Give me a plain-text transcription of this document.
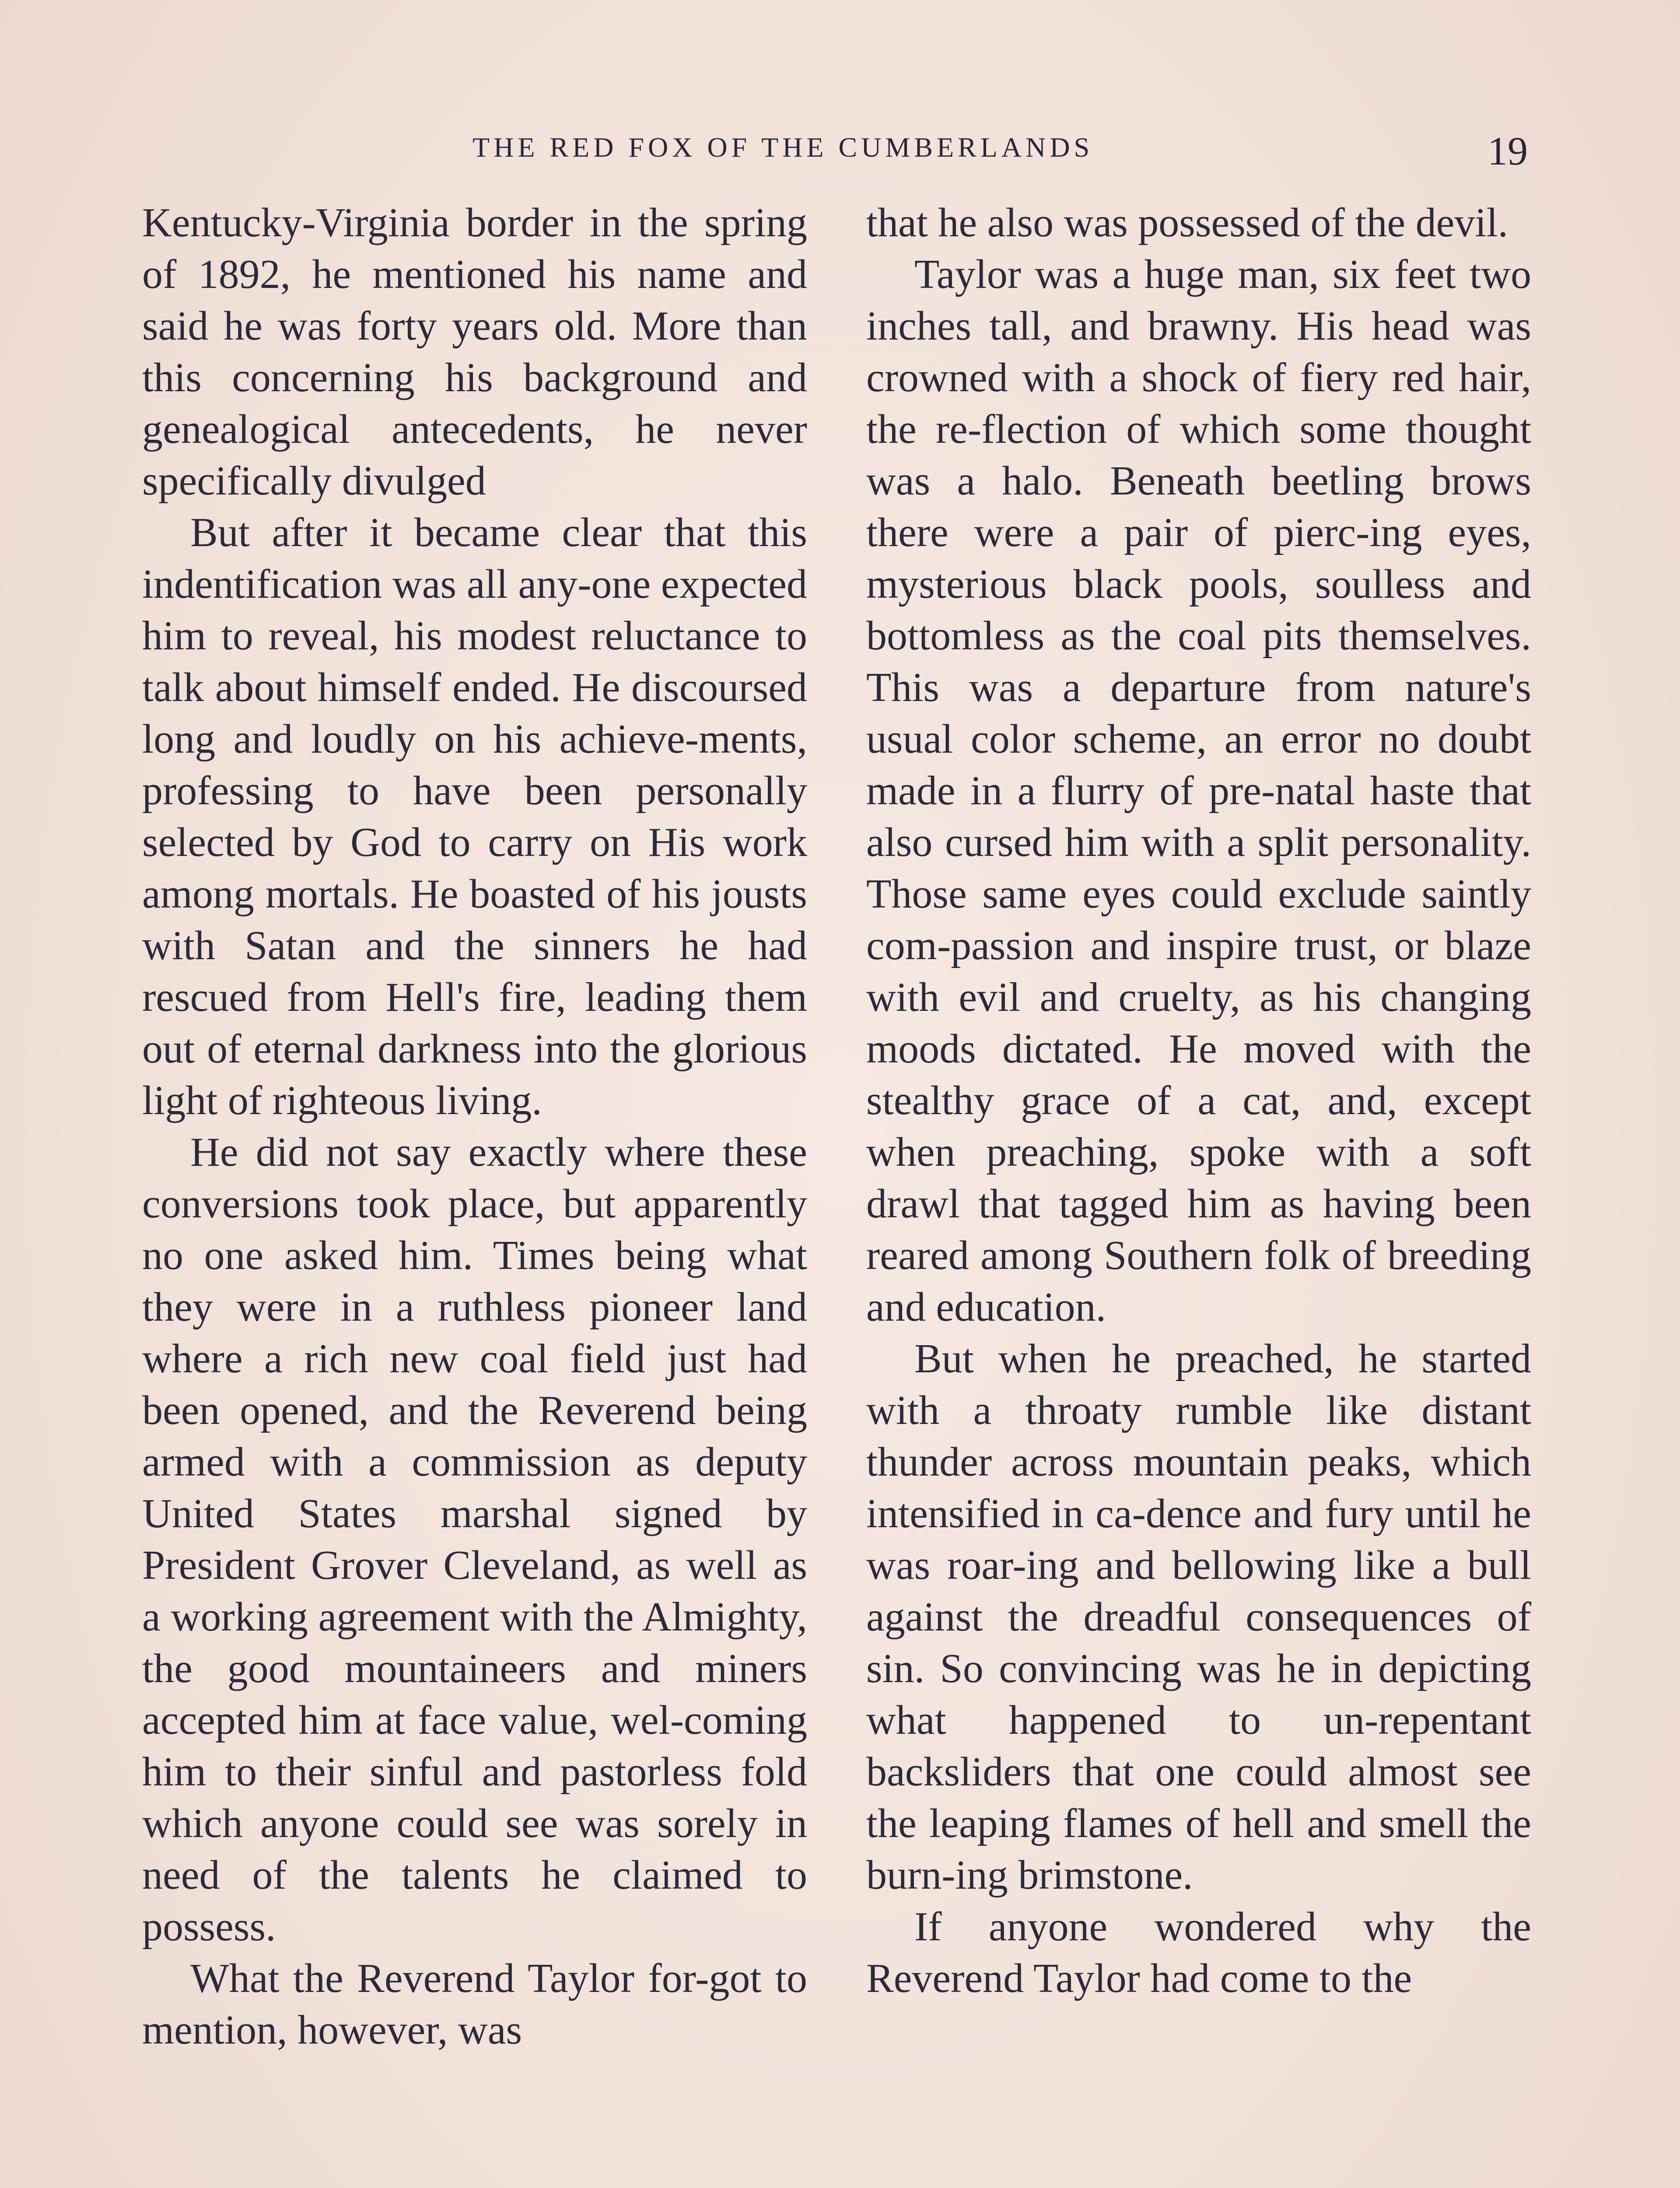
THE RED FOX OF THE CUMBERLANDS	19

Kentucky-Virginia border in the spring of 1892, he mentioned his name and said he was forty years old. More than this concerning his background and genealogical antecedents, he never specifically divulged

But after it became clear that this indentification was all any-one expected him to reveal, his modest reluctance to talk about himself ended. He discoursed long and loudly on his achieve-ments, professing to have been personally selected by God to carry on His work among mortals. He boasted of his jousts with Satan and the sinners he had rescued from Hell's fire, leading them out of eternal darkness into the glorious light of righteous living.

He did not say exactly where these conversions took place, but apparently no one asked him. Times being what they were in a ruthless pioneer land where a rich new coal field just had been opened, and the Reverend being armed with a commission as deputy United States marshal signed by President Grover Cleveland, as well as a working agreement with the Almighty, the good mountaineers and miners accepted him at face value, wel-coming him to their sinful and pastorless fold which anyone could see was sorely in need of the talents he claimed to possess.

What the Reverend Taylor for-got to mention, however, was

that he also was possessed of the devil.

Taylor was a huge man, six feet two inches tall, and brawny. His head was crowned with a shock of fiery red hair, the re-flection of which some thought was a halo. Beneath beetling brows there were a pair of pierc-ing eyes, mysterious black pools, soulless and bottomless as the coal pits themselves. This was a departure from nature's usual color scheme, an error no doubt made in a flurry of pre-natal haste that also cursed him with a split personality. Those same eyes could exclude saintly com-passion and inspire trust, or blaze with evil and cruelty, as his changing moods dictated. He moved with the stealthy grace of a cat, and, except when preaching, spoke with a soft drawl that tagged him as having been reared among Southern folk of breeding and education.

But when he preached, he started with a throaty rumble like distant thunder across mountain peaks, which intensified in ca-dence and fury until he was roar-ing and bellowing like a bull against the dreadful consequences of sin. So convincing was he in depicting what happened to un-repentant backsliders that one could almost see the leaping flames of hell and smell the burn-ing brimstone.

If anyone wondered why the Reverend Taylor had come to the
